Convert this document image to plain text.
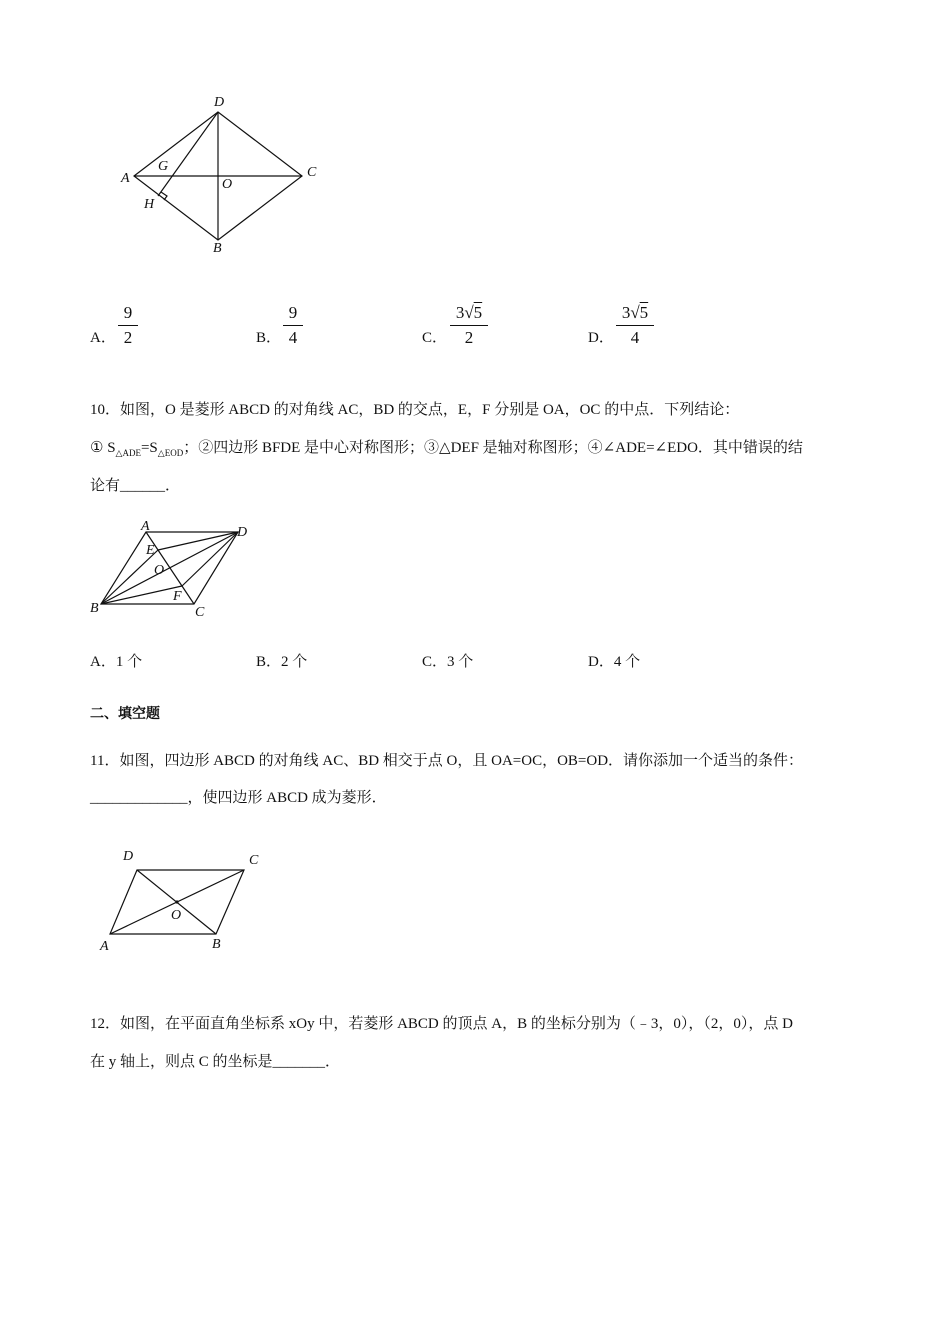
D
G
A	O
C
H
B
A．
9
2	B．
9
4	C．
3√5
2	D．
3√5
4
10．如图，O 是菱形 ABCD 的对角线 AC，BD 的交点，E，F 分别是 OA，OC 的中点．下列结论：
① $S_{\triangle ADE}=S_{\triangle EOD}$；②四边形 BFDE 是中心对称图形；③△DEF 是轴对称图形；④∠ADE=∠EDO．其中错误的结
论有______．
A	D
E
O
F
B	C
A．1 个	B．2 个	C．3 个	D．4 个
二、填空题
11．如图，四边形 ABCD 的对角线 AC、BD 相交于点 O，且 OA=OC，OB=OD．请你添加一个适当的条件：
_____________，使四边形 ABCD 成为菱形．
D	C
O
A	B
12．如图，在平面直角坐标系 xOy 中，若菱形 ABCD 的顶点 A，B 的坐标分别为（﹣3，0），（2，0），点 D
在 y 轴上，则点 C 的坐标是_______．
